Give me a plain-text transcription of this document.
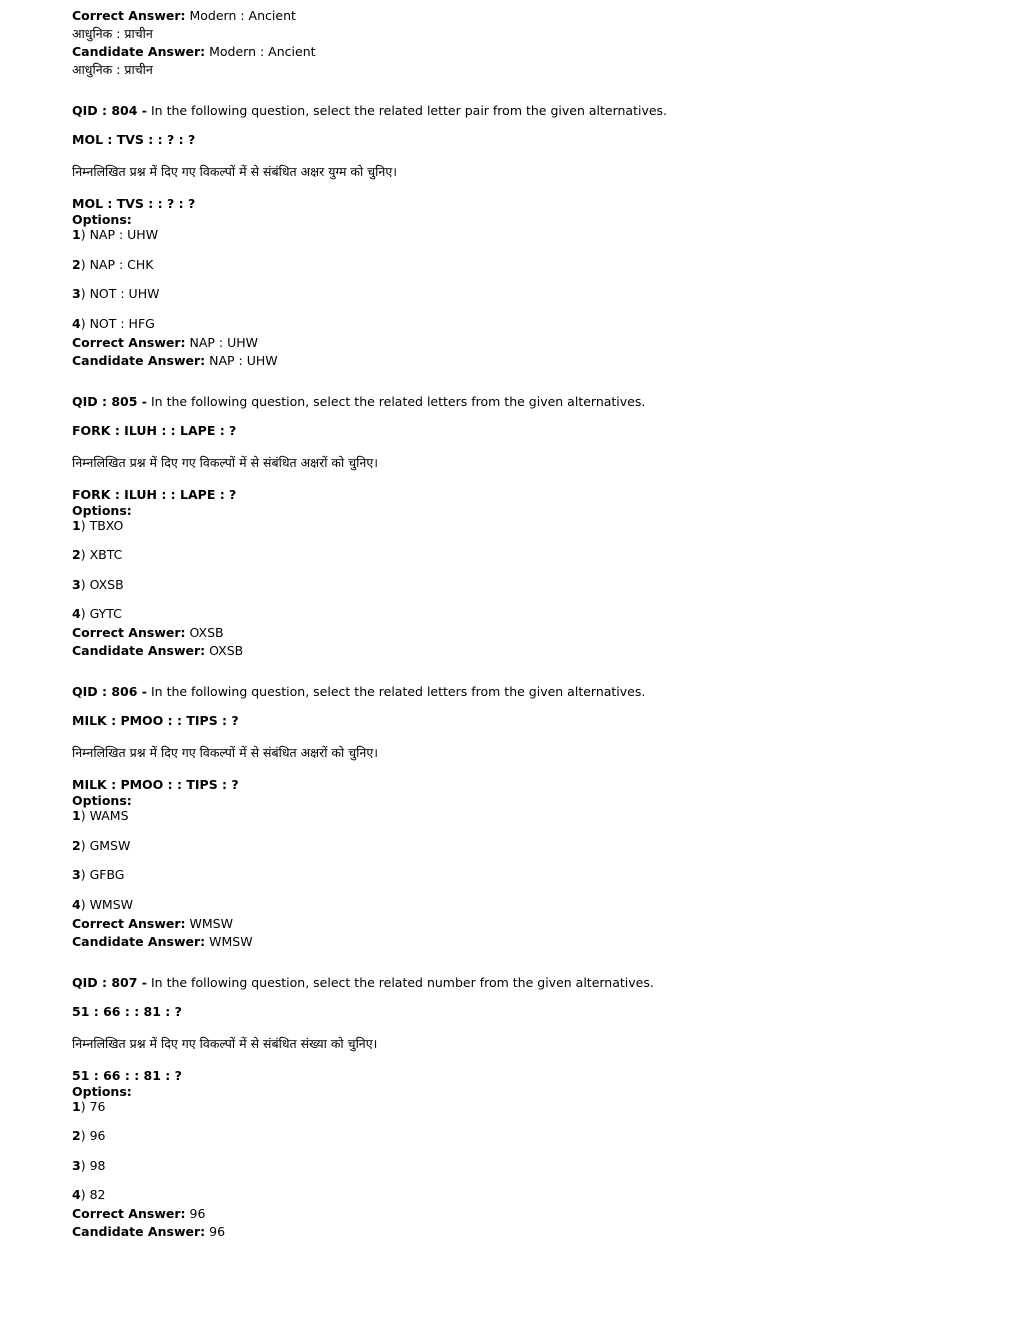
Correct Answer: Modern : Ancient

आधुनिक : प्राचीन

Candidate Answer: Modern : Ancient

आधुनिक : प्राचीन

QID : 804 - In the following question, select the related letter pair from the given alternatives.

MOL : TVS : : ? : ?

निम्नलिखित प्रश्न में दिए गए विकल्पों में से संबंधित अक्षर युग्म को चुनिए।

MOL : TVS : : ? : ?

Options:

1) NAP : UHW

2) NAP : CHK

3) NOT : UHW

4) NOT : HFG

Correct Answer: NAP : UHW

Candidate Answer: NAP : UHW

QID : 805 - In the following question, select the related letters from the given alternatives.

FORK : ILUH : : LAPE : ?

निम्नलिखित प्रश्न में दिए गए विकल्पों में से संबंधित अक्षरों को चुनिए।

FORK : ILUH : : LAPE : ?

Options:

1) TBXO

2) XBTC

3) OXSB

4) GYTC

Correct Answer: OXSB

Candidate Answer: OXSB

QID : 806 - In the following question, select the related letters from the given alternatives.

MILK : PMOO : : TIPS : ?

निम्नलिखित प्रश्न में दिए गए विकल्पों में से संबंधित अक्षरों को चुनिए।

MILK : PMOO : : TIPS : ?

Options:

1) WAMS

2) GMSW

3) GFBG

4) WMSW

Correct Answer: WMSW

Candidate Answer: WMSW

QID : 807 - In the following question, select the related number from the given alternatives.

51 : 66 : : 81 : ?

निम्नलिखित प्रश्न में दिए गए विकल्पों में से संबंधित संख्या को चुनिए।

51 : 66 : : 81 : ?

Options:

1) 76

2) 96

3) 98

4) 82

Correct Answer: 96

Candidate Answer: 96
